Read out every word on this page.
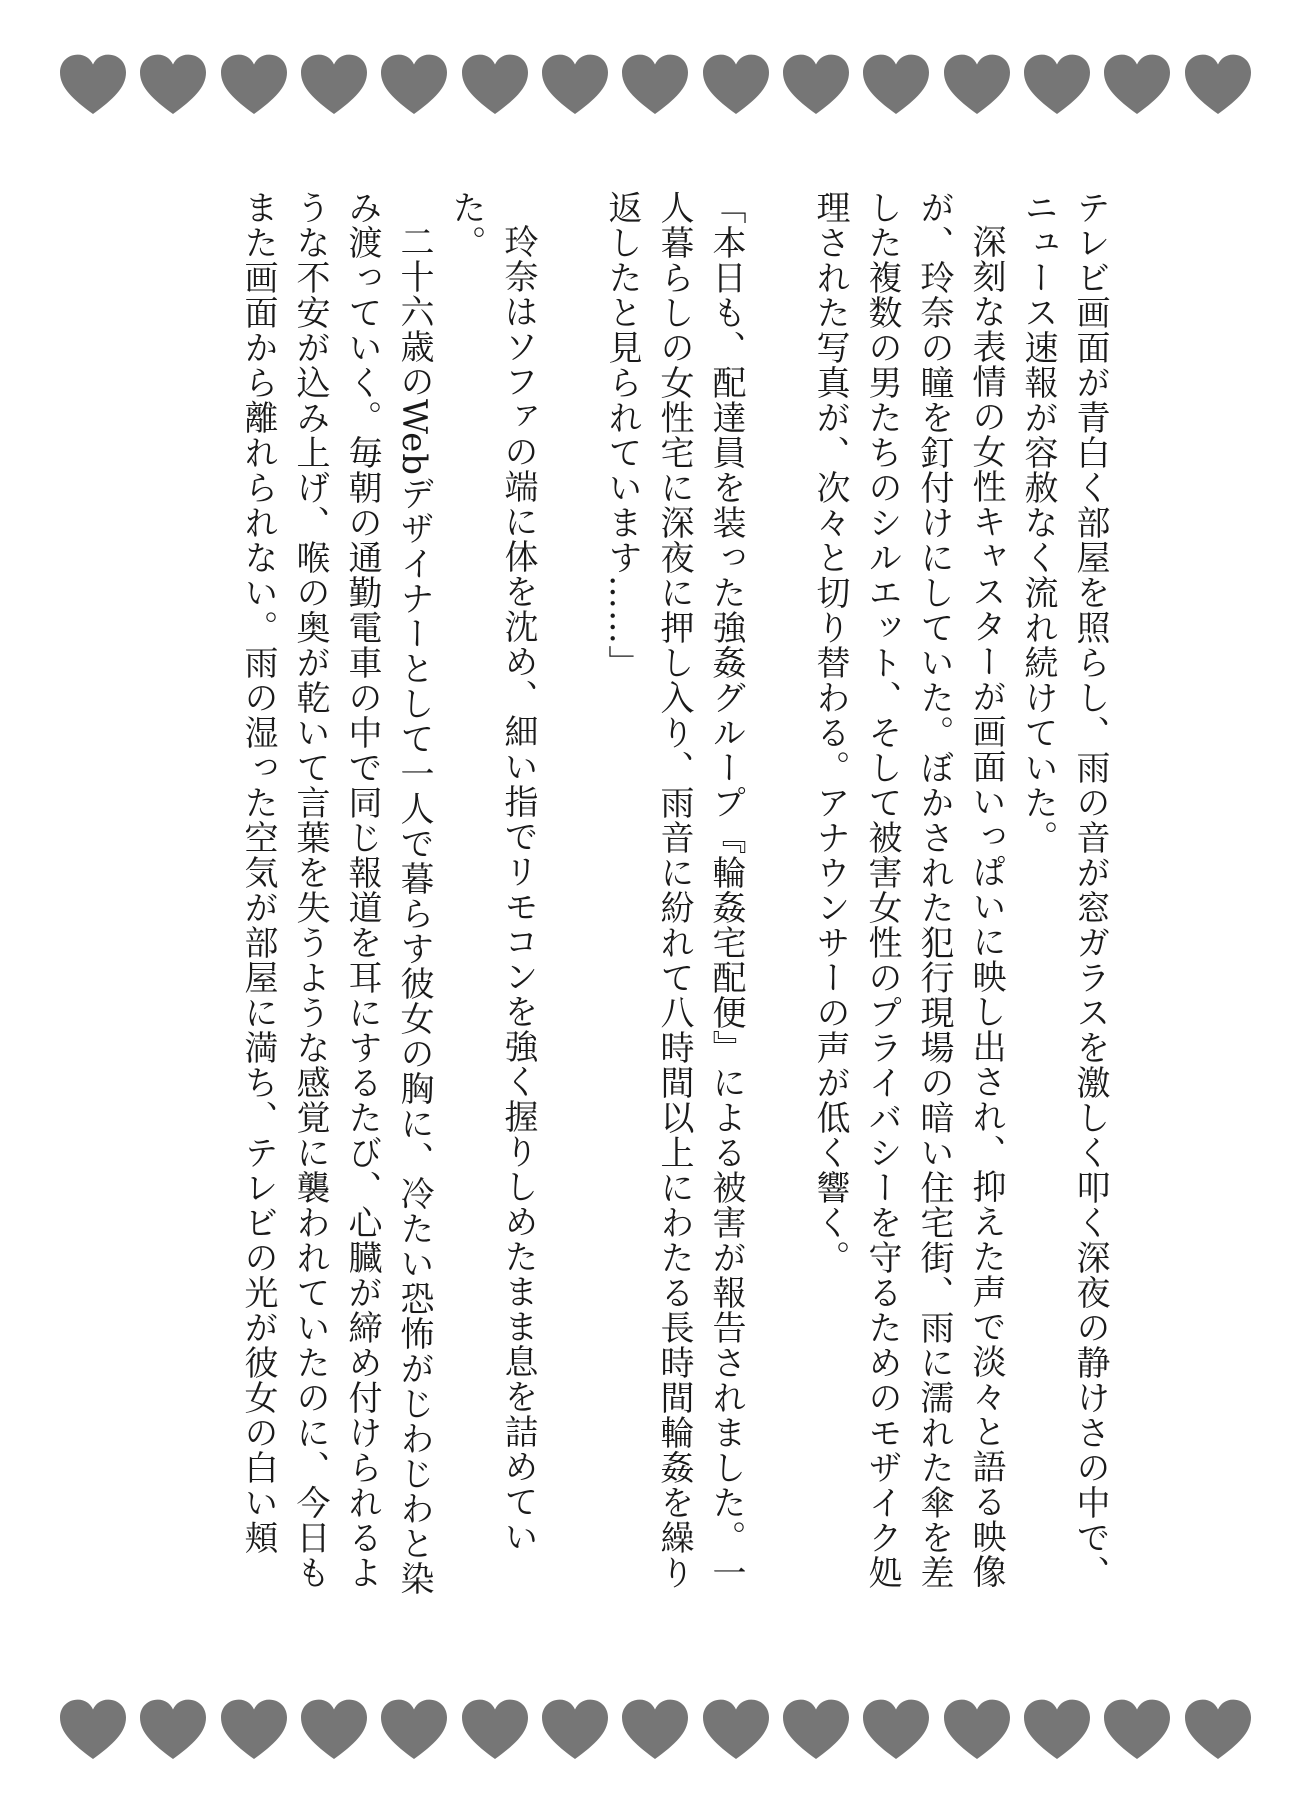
テレビ画面が青白く部屋を照らし、雨の音が窓ガラスを激しく叩く深夜の静けさの中で、ニュース速報が容赦なく流れ続けていた。

深刻な表情の女性キャスターが画面いっぱいに映し出され、抑えた声で淡々と語る映像が、玲奈の瞳を釘付けにしていた。ぼかされた犯行現場の暗い住宅街、雨に濡れた傘を差した複数の男たちのシルエット、そして被害女性のプライバシーを守るためのモザイク処理された写真が、次々と切り替わる。アナウンサーの声が低く響く。

「本日も、配達員を装った強姦グループ『輪姦宅配便』による被害が報告されました。一人暮らしの女性宅に深夜に押し入り、雨音に紛れて八時間以上にわたる長時間輪姦を繰り返したと見られています……」

玲奈はソファの端に体を沈め、細い指でリモコンを強く握りしめたまま息を詰めていた。

二十六歳のWebデザイナーとして一人で暮らす彼女の胸に、冷たい恐怖がじわじわと染み渡っていく。毎朝の通勤電車の中で同じ報道を耳にするたび、心臓が締め付けられるような不安が込み上げ、喉の奥が乾いて言葉を失うような感覚に襲われていたのに、今日もまた画面から離れられない。雨の湿った空気が部屋に満ち、テレビの光が彼女の白い頬
